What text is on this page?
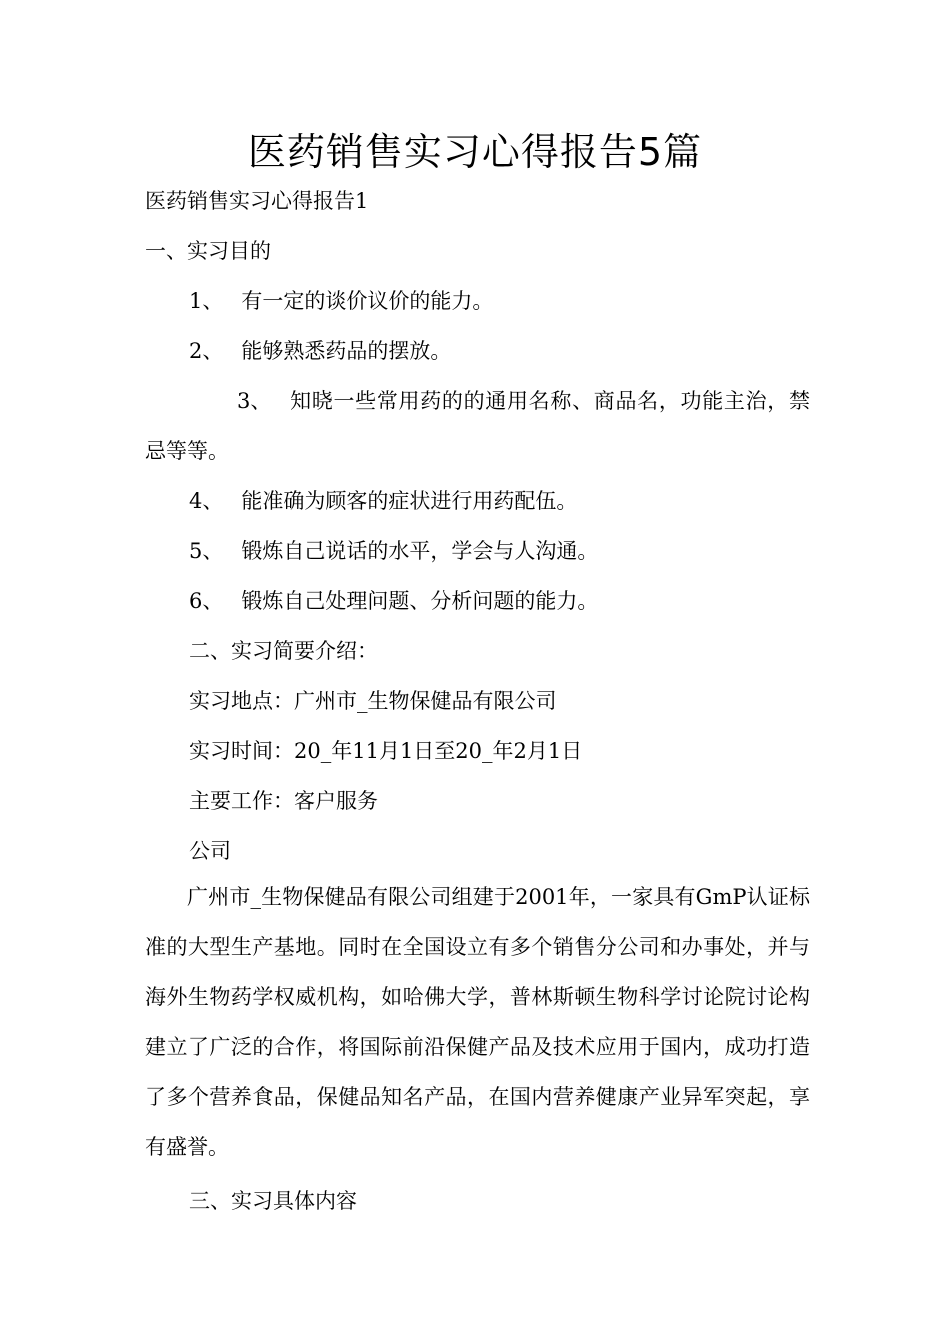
医药销售实习心得报告5篇

医药销售实习心得报告1

一、实习目的

1、 有一定的谈价议价的能力。

2、 能够熟悉药品的摆放。

3、 知晓一些常用药的的通用名称、商品名，功能主治，禁忌等等。

4、 能准确为顾客的症状进行用药配伍。

5、 锻炼自己说话的水平，学会与人沟通。

6、 锻炼自己处理问题、分析问题的能力。

二、实习简要介绍：

实习地点：广州市_生物保健品有限公司

实习时间：20_年11月1日至20_年2月1日

主要工作：客户服务

公司

广州市_生物保健品有限公司组建于2001年，一家具有GmP认证标准的大型生产基地。同时在全国设立有多个销售分公司和办事处，并与海外生物药学权威机构，如哈佛大学，普林斯顿生物科学讨论院讨论构建立了广泛的合作，将国际前沿保健产品及技术应用于国内，成功打造了多个营养食品，保健品知名产品，在国内营养健康产业异军突起，享有盛誉。

三、实习具体内容
